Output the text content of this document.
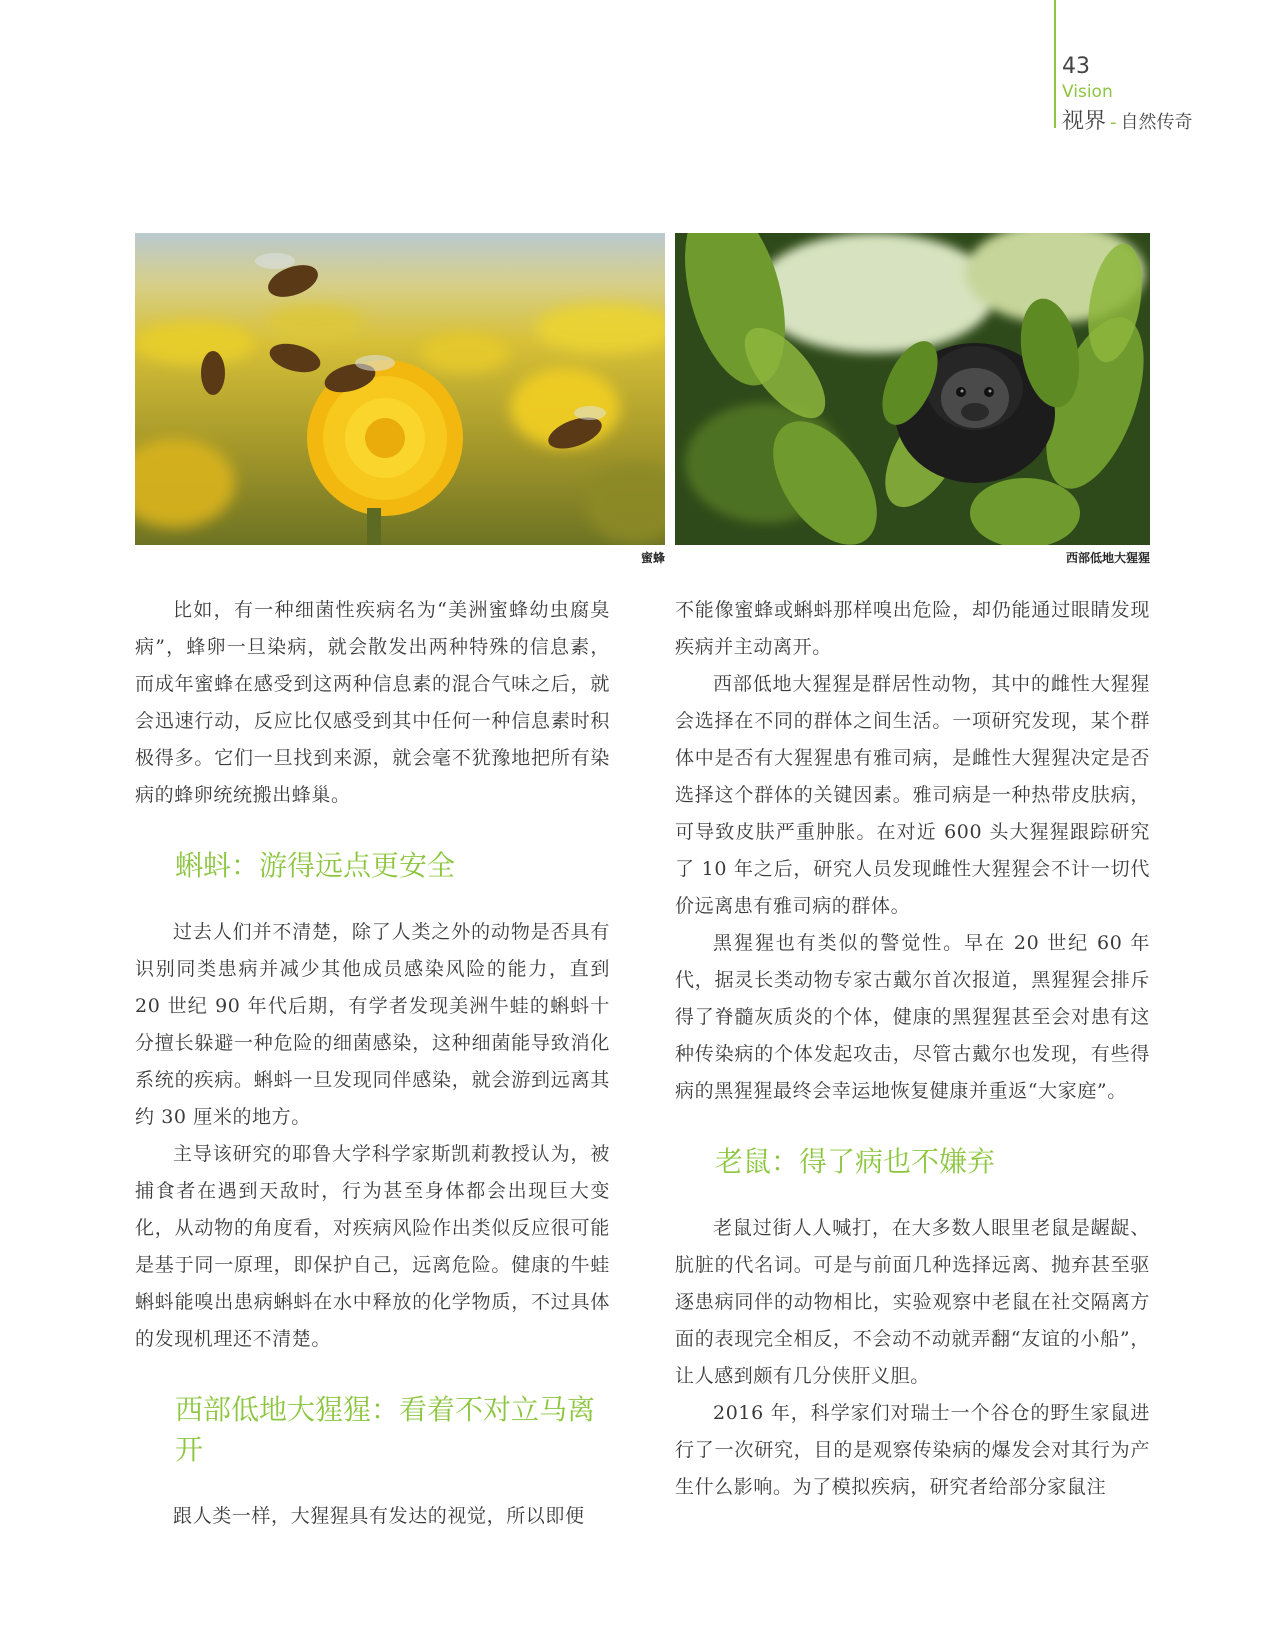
43
Vision
视界 - 自然传奇
蜜蜂	西部低地大猩猩

比如，有一种细菌性疾病名为“美洲蜜蜂幼虫腐臭病”，蜂卵一旦染病，就会散发出两种特殊的信息素，而成年蜜蜂在感受到这两种信息素的混合气味之后，就会迅速行动，反应比仅感受到其中任何一种信息素时积极得多。它们一旦找到来源，就会毫不犹豫地把所有染病的蜂卵统统搬出蜂巢。

蝌蚪：游得远点更安全

过去人们并不清楚，除了人类之外的动物是否具有识别同类患病并减少其他成员感染风险的能力，直到 20 世纪 90 年代后期，有学者发现美洲牛蛙的蝌蚪十分擅长躲避一种危险的细菌感染，这种细菌能导致消化系统的疾病。蝌蚪一旦发现同伴感染，就会游到远离其约 30 厘米的地方。

主导该研究的耶鲁大学科学家斯凯莉教授认为，被捕食者在遇到天敌时，行为甚至身体都会出现巨大变化，从动物的角度看，对疾病风险作出类似反应很可能是基于同一原理，即保护自己，远离危险。健康的牛蛙蝌蚪能嗅出患病蝌蚪在水中释放的化学物质，不过具体的发现机理还不清楚。

西部低地大猩猩：看着不对立马离开

跟人类一样，大猩猩具有发达的视觉，所以即便

不能像蜜蜂或蝌蚪那样嗅出危险，却仍能通过眼睛发现疾病并主动离开。

西部低地大猩猩是群居性动物，其中的雌性大猩猩会选择在不同的群体之间生活。一项研究发现，某个群体中是否有大猩猩患有雅司病，是雌性大猩猩决定是否选择这个群体的关键因素。雅司病是一种热带皮肤病，可导致皮肤严重肿胀。在对近 600 头大猩猩跟踪研究了 10 年之后，研究人员发现雌性大猩猩会不计一切代价远离患有雅司病的群体。

黑猩猩也有类似的警觉性。早在 20 世纪 60 年代，据灵长类动物专家古戴尔首次报道，黑猩猩会排斥得了脊髓灰质炎的个体，健康的黑猩猩甚至会对患有这种传染病的个体发起攻击，尽管古戴尔也发现，有些得病的黑猩猩最终会幸运地恢复健康并重返“大家庭”。

老鼠：得了病也不嫌弃

老鼠过街人人喊打，在大多数人眼里老鼠是龌龊、肮脏的代名词。可是与前面几种选择远离、抛弃甚至驱逐患病同伴的动物相比，实验观察中老鼠在社交隔离方面的表现完全相反，不会动不动就弄翻“友谊的小船”，让人感到颇有几分侠肝义胆。

2016 年，科学家们对瑞士一个谷仓的野生家鼠进行了一次研究，目的是观察传染病的爆发会对其行为产生什么影响。为了模拟疾病，研究者给部分家鼠注
